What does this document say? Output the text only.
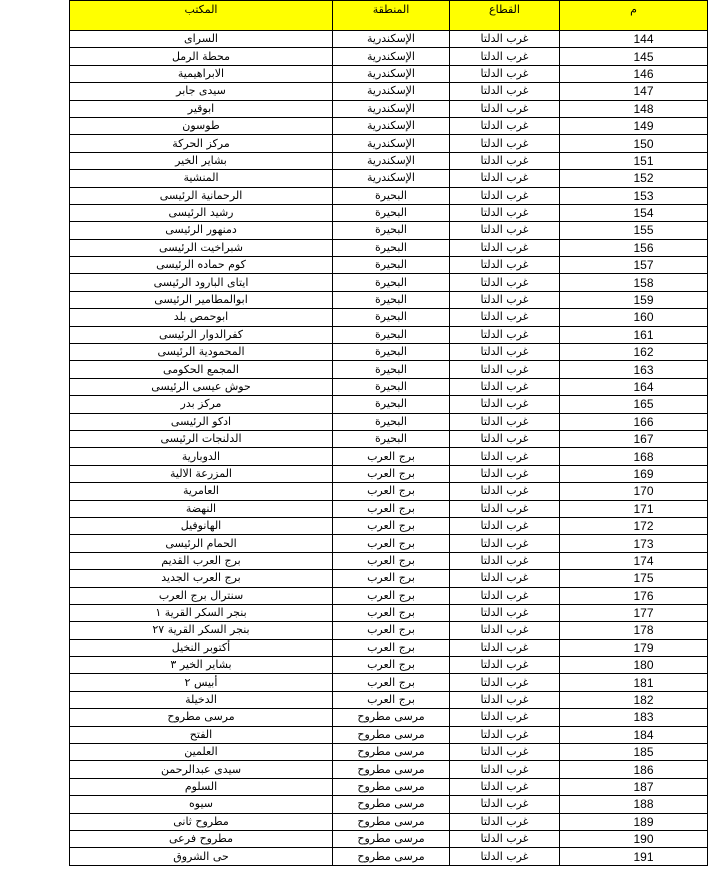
المكتب	المنطقة	القطاع	م
السراى	الإسكندرية	غرب الدلتا	144
محطة الرمل	الإسكندرية	غرب الدلتا	145
الابراهيمية	الإسكندرية	غرب الدلتا	146
سيدى جابر	الإسكندرية	غرب الدلتا	147
ابوقير	الإسكندرية	غرب الدلتا	148
طوسون	الإسكندرية	غرب الدلتا	149
مركز الحركة	الإسكندرية	غرب الدلتا	150
بشاير الخير	الإسكندرية	غرب الدلتا	151
المنشية	الإسكندرية	غرب الدلتا	152
الرحمانية الرئيسى	البحيرة	غرب الدلتا	153
رشيد الرئيسى	البحيرة	غرب الدلتا	154
دمنهور الرئيسى	البحيرة	غرب الدلتا	155
شبراخيت الرئيسى	البحيرة	غرب الدلتا	156
كوم حماده الرئيسى	البحيرة	غرب الدلتا	157
ايتاى البارود الرئيسى	البحيرة	غرب الدلتا	158
ابوالمطامير الرئيسى	البحيرة	غرب الدلتا	159
ابوحمص بلد	البحيرة	غرب الدلتا	160
كفرالدوار الرئيسى	البحيرة	غرب الدلتا	161
المحمودية الرئيسى	البحيرة	غرب الدلتا	162
المجمع الحكومى	البحيرة	غرب الدلتا	163
حوش عيسى الرئيسى	البحيرة	غرب الدلتا	164
مركز بدر	البحيرة	غرب الدلتا	165
ادكو الرئيسى	البحيرة	غرب الدلتا	166
الدلنجات الرئيسى	البحيرة	غرب الدلتا	167
الدوبارية	برج العرب	غرب الدلتا	168
المزرعة الالية	برج العرب	غرب الدلتا	169
العامرية	برج العرب	غرب الدلتا	170
النهضة	برج العرب	غرب الدلتا	171
الهانوفيل	برج العرب	غرب الدلتا	172
الحمام الرئيسى	برج العرب	غرب الدلتا	173
برج العرب القديم	برج العرب	غرب الدلتا	174
برج العرب الجديد	برج العرب	غرب الدلتا	175
سنترال برج العرب	برج العرب	غرب الدلتا	176
بنجر السكر القرية ١	برج العرب	غرب الدلتا	177
بنجر السكر القرية ٢٧	برج العرب	غرب الدلتا	178
أكتوبر النخيل	برج العرب	غرب الدلتا	179
بشاير الخير ٣	برج العرب	غرب الدلتا	180
أبيس ٢	برج العرب	غرب الدلتا	181
الدخيلة	برج العرب	غرب الدلتا	182
مرسى مطروح	مرسى مطروح	غرب الدلتا	183
الفتح	مرسى مطروح	غرب الدلتا	184
العلمين	مرسى مطروح	غرب الدلتا	185
سيدى عبدالرحمن	مرسى مطروح	غرب الدلتا	186
السلوم	مرسى مطروح	غرب الدلتا	187
سيوه	مرسى مطروح	غرب الدلتا	188
مطروح ثانى	مرسى مطروح	غرب الدلتا	189
مطروح فرعى	مرسى مطروح	غرب الدلتا	190
حى الشروق	مرسى مطروح	غرب الدلتا	191
